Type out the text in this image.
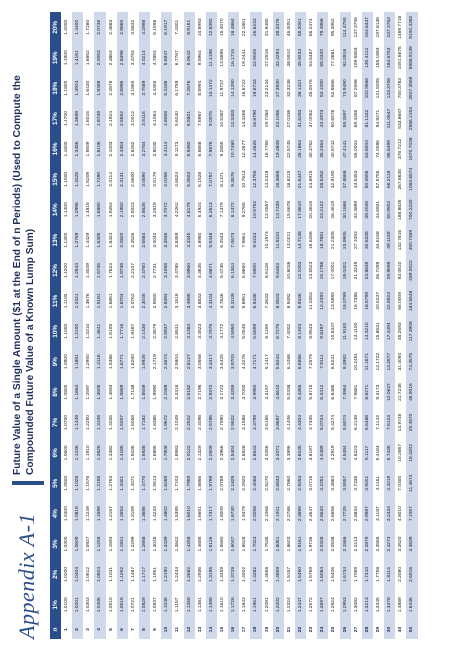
Appendix A-1
Future Value of a Single Amount ($1 at the End of n Periods) (Used to Compute the Compounded Future Value of a Known Lump Sum)
n	1%	2%	3%	4%	5%	6%	7%	8%	9%	10%	11%	12%	13%	14%	15%	16%	17%	18%	19%	20%
1	1.0100	1.0200	1.0300	1.0400	1.0500	1.0600	1.0700	1.0800	1.0900	1.1000	1.1100	1.1200	1.1300	1.1400	1.1500	1.1600	1.1700	1.1800	1.1900	1.2000
2	1.0201	1.0404	1.0609	1.0816	1.1025	1.1236	1.1449	1.1664	1.1881	1.2100	1.2321	1.2544	1.2769	1.2996	1.3225	1.3456	1.3689	1.3924	1.4161	1.4400
3	1.0303	1.0612	1.0927	1.1249	1.1576	1.1910	1.2250	1.2597	1.2950	1.3310	1.3676	1.4049	1.4429	1.4815	1.5209	1.5609	1.6016	1.6430	1.6852	1.7280
4	1.0406	1.0824	1.1255	1.1699	1.2155	1.2625	1.3108	1.3605	1.4116	1.4641	1.5181	1.5735	1.6305	1.6890	1.7490	1.8106	1.8739	1.9388	2.0053	2.0736
5	1.0510	1.1041	1.1593	1.2167	1.2763	1.3382	1.4026	1.4693	1.5386	1.6105	1.6851	1.7623	1.8424	1.9254	2.0114	2.1003	2.1924	2.2878	2.3864	2.4883
6	1.0615	1.1262	1.1941	1.2653	1.3401	1.4185	1.5007	1.5869	1.6771	1.7716	1.8704	1.9738	2.0820	2.1950	2.3131	2.4364	2.5652	2.6996	2.8398	2.9860
7	1.0721	1.1487	1.2299	1.3159	1.4071	1.5036	1.6058	1.7138	1.8280	1.9487	2.0762	2.2107	2.3526	2.5023	2.6600	2.8262	3.0012	3.1855	3.3793	3.5832
8	1.0829	1.1717	1.2668	1.3686	1.4775	1.5938	1.7182	1.8509	1.9926	2.1436	2.3045	2.4760	2.6584	2.8526	3.0590	3.2784	3.5115	3.7589	4.0214	4.2998
9	1.0937	1.1951	1.3048	1.4233	1.5513	1.6895	1.8385	1.9990	2.1719	2.3579	2.5580	2.7731	3.0040	3.2519	3.5179	3.8030	4.1084	4.4355	4.7854	5.1598
10	1.1046	1.2190	1.3439	1.4802	1.6289	1.7908	1.9672	2.1589	2.3674	2.5937	2.8394	3.1058	3.3946	3.7072	4.0456	4.4114	4.8068	5.2338	5.6947	6.1917
11	1.1157	1.2434	1.3842	1.5395	1.7103	1.8983	2.1049	2.3316	2.5804	2.8531	3.1518	3.4785	3.8359	4.2262	4.6524	5.1173	5.6240	6.1759	6.7767	7.4301
12	1.1268	1.2682	1.4258	1.6010	1.7959	2.0122	2.2522	2.5182	2.8127	3.1384	3.4985	3.8960	4.3345	4.8179	5.3503	5.9360	6.5801	7.2876	8.0642	8.9161
13	1.1381	1.2936	1.4685	1.6651	1.8856	2.1329	2.4098	2.7196	3.0658	3.4523	3.8833	4.3635	4.8980	5.4924	6.1528	6.8858	7.6987	8.5994	9.5964	10.6993
14	1.1495	1.3195	1.5126	1.7317	1.9799	2.2609	2.5785	2.9372	3.3417	3.7975	4.3104	4.8871	5.5348	6.2613	7.0757	7.9875	9.0075	10.1472	11.4198	12.8392
15	1.1610	1.3459	1.5580	1.8009	2.0789	2.3966	2.7590	3.1722	3.6425	4.1772	4.7846	5.4736	6.2543	7.1379	8.1371	9.2655	10.5387	11.9737	13.5895	15.4070
16	1.1726	1.3728	1.6047	1.8730	2.1829	2.5404	2.9522	3.4259	3.9703	4.5950	5.3109	6.1304	7.0673	8.1372	9.3576	10.7480	12.3303	14.1290	16.1715	18.4884
17	1.1843	1.4002	1.6528	1.9479	2.2920	2.6928	3.1588	3.7000	4.3276	5.0545	5.8951	6.8660	7.9861	9.2765	10.7613	12.4677	14.4265	16.6722	19.2441	22.1861
18	1.1961	1.4282	1.7024	2.0258	2.4066	2.8543	3.3799	3.9960	4.7171	5.5599	6.5436	7.6900	9.0243	10.5752	12.3755	14.4625	16.8790	19.6733	22.9005	26.6233
19	1.2081	1.4568	1.7535	2.1068	2.5270	3.0256	3.6165	4.3157	5.1417	6.1159	7.2633	8.6128	10.1974	12.0557	14.2318	16.7765	19.7484	23.2144	27.2516	31.9480
20	1.2202	1.4859	1.8061	2.1911	2.6533	3.2071	3.8697	4.6610	5.6044	6.7275	8.0623	9.6463	11.5231	13.7435	16.3665	19.4608	23.1056	27.3930	32.4294	38.3376
21	1.2324	1.5157	1.8603	2.2788	2.7860	3.3996	4.1406	5.0338	6.1088	7.4002	8.9492	10.8038	13.0211	15.6676	18.8215	22.5745	27.0336	32.3238	38.5910	46.0051
22	1.2447	1.5460	1.9161	2.3699	2.9253	3.6035	4.4304	5.4365	6.6586	8.1403	9.9336	12.1003	14.7138	17.8610	21.6447	26.1864	31.6293	38.1421	45.9233	55.2061
23	1.2572	1.5769	1.9736	2.4647	3.0715	3.8197	4.7405	5.8715	7.2579	8.9543	11.0263	13.5523	16.6266	20.3616	24.8915	30.3762	37.0062	45.0076	54.6487	66.2474
24	1.2697	1.6084	2.0328	2.5633	3.2251	4.0489	5.0724	6.3412	7.9111	9.8497	12.2392	15.1786	18.7881	23.2122	28.6252	35.2364	43.2973	53.1090	65.0320	79.4968
25	1.2824	1.6406	2.0938	2.6658	3.3864	4.2919	5.4274	6.8485	8.6231	10.8347	13.5855	17.0001	21.2305	26.4619	32.9190	40.8742	50.6578	62.6686	77.3881	95.3962
26	1.2953	1.6734	2.1566	2.7725	3.5557	4.5494	5.8074	7.3964	9.3992	11.9182	15.0799	19.0401	23.9905	30.1666	37.8568	47.4141	59.2697	73.9490	92.0918	114.4755
27	1.3082	1.7069	2.2213	2.8834	3.7335	4.8223	6.2139	7.9881	10.2451	13.1100	16.7386	21.3249	27.1093	34.3899	43.5353	55.0004	69.3455	87.2598	109.5893	137.3706
28	1.3213	1.7410	2.2879	2.9987	3.9201	5.1117	6.6488	8.6271	11.1671	14.4210	18.5799	23.8839	30.6335	39.2045	50.0656	63.8004	81.1342	102.9666	130.4112	164.8447
29	1.3345	1.7758	2.3566	3.1187	4.1161	5.4184	7.1143	9.3173	12.1722	15.8631	20.6237	26.7499	34.6158	44.6931	57.5755	74.0085	94.9271	121.5005	155.1893	197.8136
30	1.3478	1.8114	2.4273	3.2434	4.3219	5.7435	7.6123	10.0627	13.2677	17.4494	22.8923	29.9599	39.1159	50.9502	66.2118	85.8499	111.0647	143.3706	184.6753	237.3763
40	1.4889	2.2080	3.2620	4.8010	7.0400	10.2857	14.9745	21.7245	31.4094	45.2593	65.0009	93.0510	132.7816	188.8835	267.8635	378.7212	533.8687	750.3783	1051.6675	1469.7716
50	1.6446	2.6916	4.3839	7.1067	11.4674	18.4202	29.4570	46.9016	74.3575	117.3909	184.5648	289.0022	450.7359	700.2330	1083.6574	1670.7038	2566.2153	3927.3569	5988.9139	9100.4382
